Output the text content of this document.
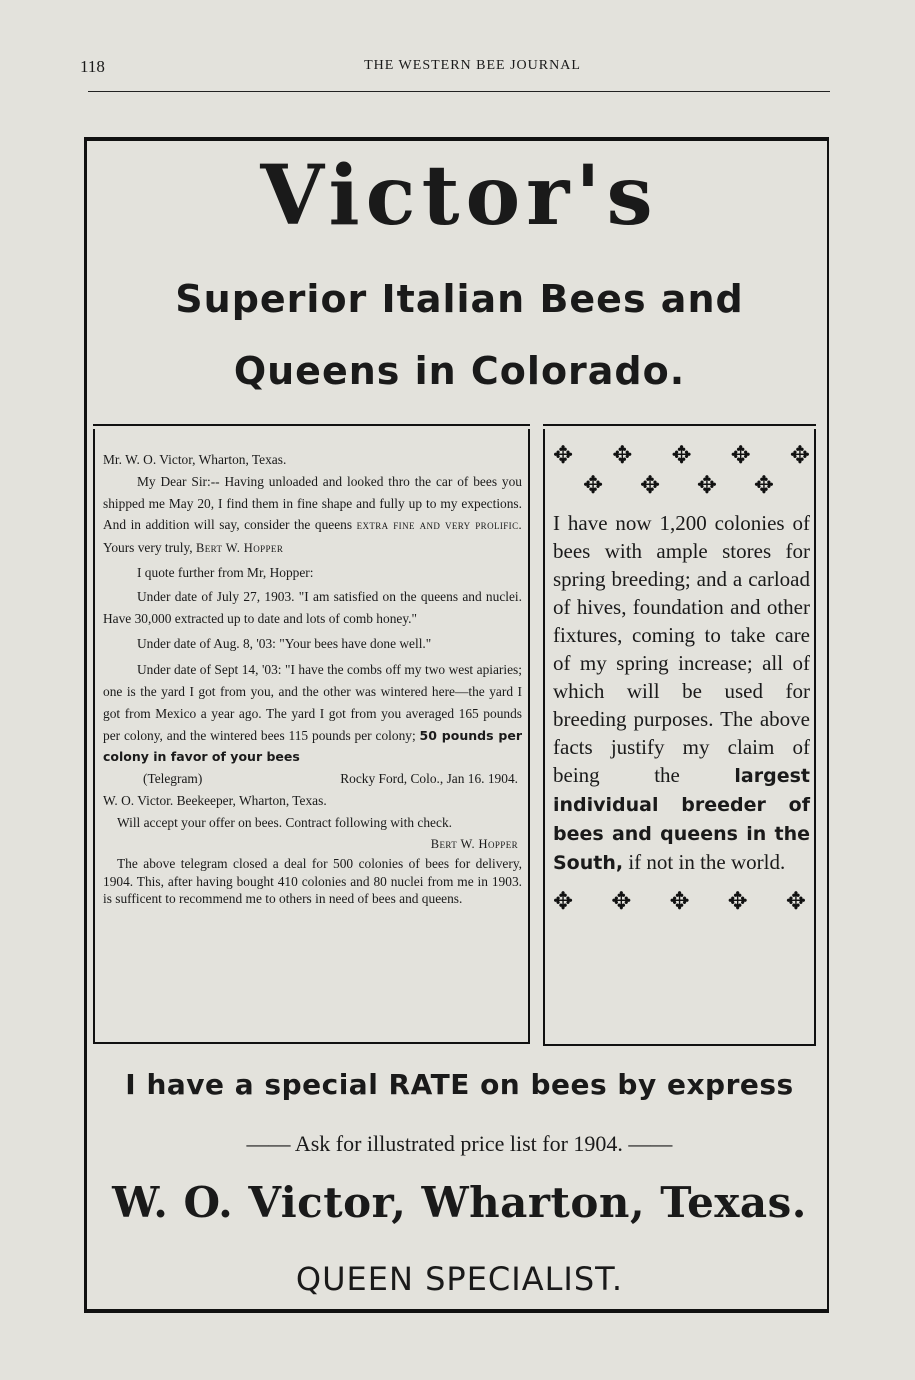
118	THE WESTERN BEE JOURNAL
Victor's
Superior Italian Bees and
Queens in Colorado.

Mr. W. O. Victor, Wharton, Texas.

My Dear Sir:-- Having unloaded and looked thro the car of bees you shipped me May 20, I find them in fine shape and fully up to my expections. And in addition will say, consider the queens extra fine and very prolific. Yours very truly, Bert W. Hopper

I quote further from Mr, Hopper:

Under date of July 27, 1903. "I am satisfied on the queens and nuclei. Have 30,000 extracted up to date and lots of comb honey."

Under date of Aug. 8, '03: "Your bees have done well."

Under date of Sept 14, '03: "I have the combs off my two west apiaries; one is the yard I got from you, and the other was wintered here—the yard I got from Mexico a year ago. The yard I got from you averaged 165 pounds per colony, and the wintered bees 115 pounds per colony; 50 pounds per colony in favor of your bees

(Telegram)	Rocky Ford, Colo., Jan 16. 1904.

W. O. Victor. Beekeeper, Wharton, Texas.

Will accept your offer on bees. Contract following with check.
Bert W. Hopper

The above telegram closed a deal for 500 colonies of bees for delivery, 1904. This, after having bought 410 colonies and 80 nuclei from me in 1903. is sufficent to recommend me to others in need of bees and queens.

✥ ✥ ✥ ✥ ✥
✥ ✥ ✥ ✥
I have now 1,200 colonies of bees with ample stores for spring breeding; and a carload of hives, foundation and other fixtures, coming to take care of my spring increase; all of which will be used for breeding purposes. The above facts justify my claim of being the largest individual breeder of bees and queens in the South, if not in the world.
✥ ✥ ✥ ✥ ✥
I have a special RATE on bees by express
—— Ask for illustrated price list for 1904. ——
W. O. Victor, Wharton, Texas.
QUEEN SPECIALIST.
